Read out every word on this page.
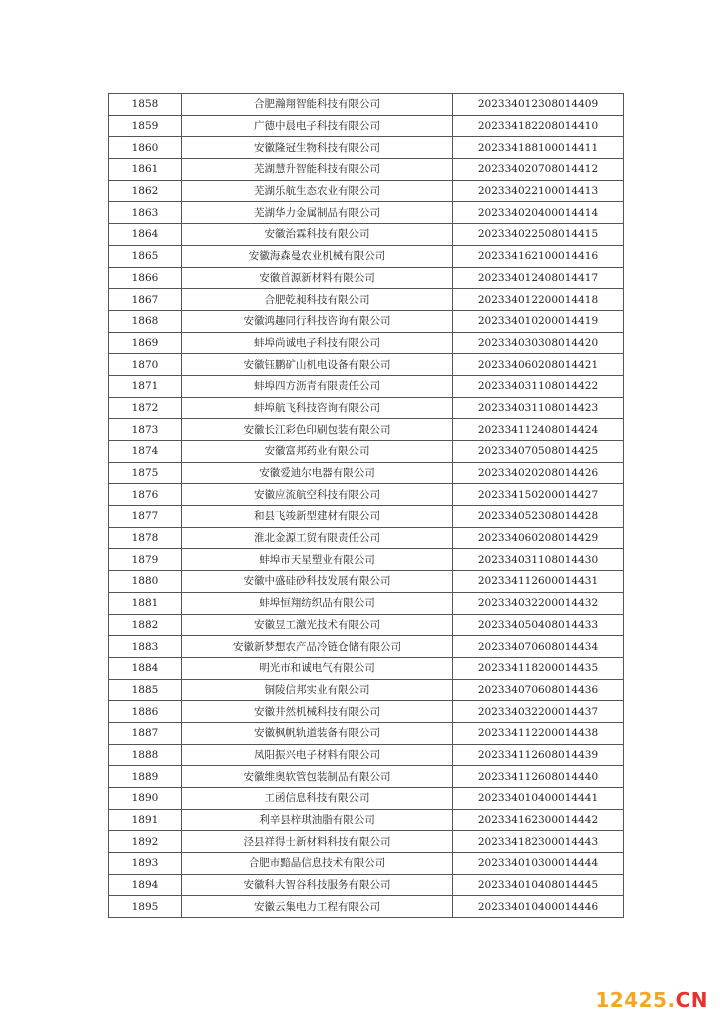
1858	合肥瀚翔智能科技有限公司	202334012308014409
1859	广德中晨电子科技有限公司	202334182208014410
1860	安徽隆冠生物科技有限公司	202334188100014411
1861	芜湖慧升智能科技有限公司	202334020708014412
1862	芜湖乐航生态农业有限公司	202334022100014413
1863	芜湖华力金属制品有限公司	202334020400014414
1864	安徽治霖科技有限公司	202334022508014415
1865	安徽海森曼农业机械有限公司	202334162100014416
1866	安徽首源新材料有限公司	202334012408014417
1867	合肥乾昶科技有限公司	202334012200014418
1868	安徽鸿趣同行科技咨询有限公司	202334010200014419
1869	蚌埠尚诚电子科技有限公司	202334030308014420
1870	安徽钰鹏矿山机电设备有限公司	202334060208014421
1871	蚌埠四方沥青有限责任公司	202334031108014422
1872	蚌埠航飞科技咨询有限公司	202334031108014423
1873	安徽长江彩色印刷包装有限公司	202334112408014424
1874	安徽富邦药业有限公司	202334070508014425
1875	安徽爱迪尔电器有限公司	202334020208014426
1876	安徽应流航空科技有限公司	202334150200014427
1877	和县飞竣新型建材有限公司	202334052308014428
1878	淮北金源工贸有限责任公司	202334060208014429
1879	蚌埠市天星塑业有限公司	202334031108014430
1880	安徽中盛硅砂科技发展有限公司	202334112600014431
1881	蚌埠恒翔纺织品有限公司	202334032200014432
1882	安徽昱工激光技术有限公司	202334050408014433
1883	安徽新梦想农产品冷链仓储有限公司	202334070608014434
1884	明光市和诚电气有限公司	202334118200014435
1885	铜陵信邦实业有限公司	202334070608014436
1886	安徽井然机械科技有限公司	202334032200014437
1887	安徽枫帆轨道装备有限公司	202334112200014438
1888	凤阳振兴电子材料有限公司	202334112608014439
1889	安徽维奥软管包装制品有限公司	202334112608014440
1890	工函信息科技有限公司	202334010400014441
1891	利辛县梓琪油脂有限公司	202334162300014442
1892	泾县祥得士新材料科技有限公司	202334182300014443
1893	合肥市黯晶信息技术有限公司	202334010300014444
1894	安徽科大智谷科技服务有限公司	202334010408014445
1895	安徽云集电力工程有限公司	202334010400014446
12425.CN
